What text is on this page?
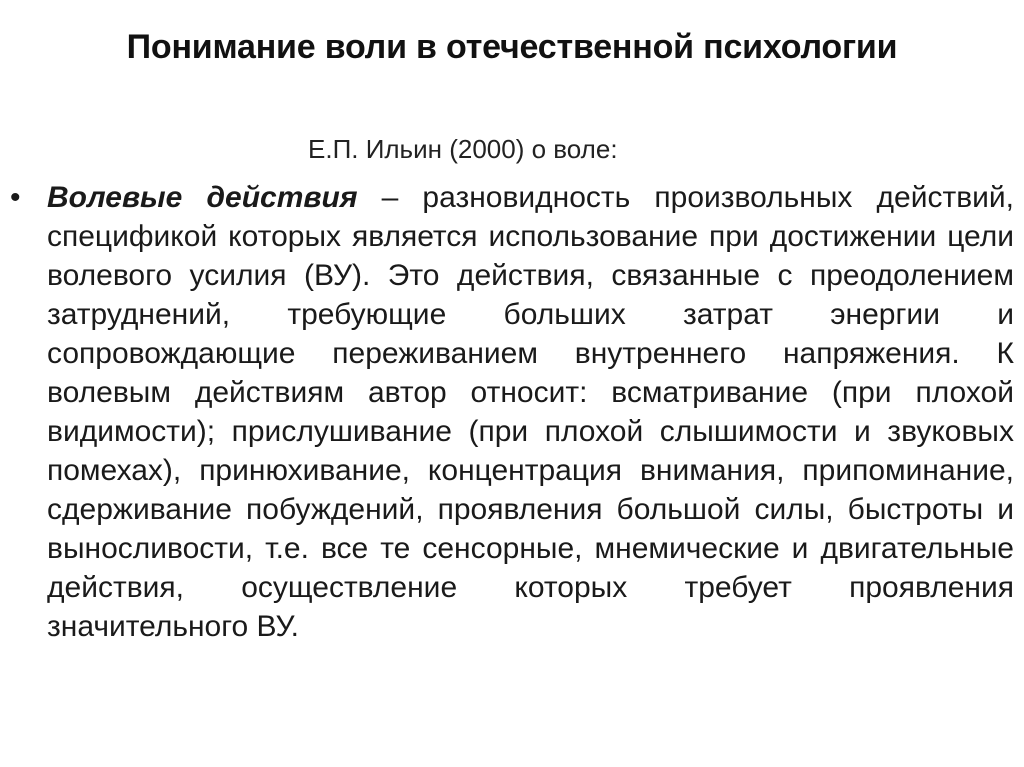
Понимание воли в отечественной психологии

Е.П. Ильин (2000) о воле:

• Волевые действия – разновидность произвольных действий, спецификой которых является использование при достижении цели волевого усилия (ВУ). Это действия, связанные с преодолением затруднений, требующие больших затрат энергии и сопровождающие переживанием внутреннего напряжения. К волевым действиям автор относит: всматривание (при плохой видимости); прислушивание (при плохой слышимости и звуковых помехах), принюхивание, концентрация внимания, припоминание, сдерживание побуждений, проявления большой силы, быстроты и выносливости, т.е. все те сенсорные, мнемические и двигательные действия, осуществление которых требует проявления значительного ВУ.
